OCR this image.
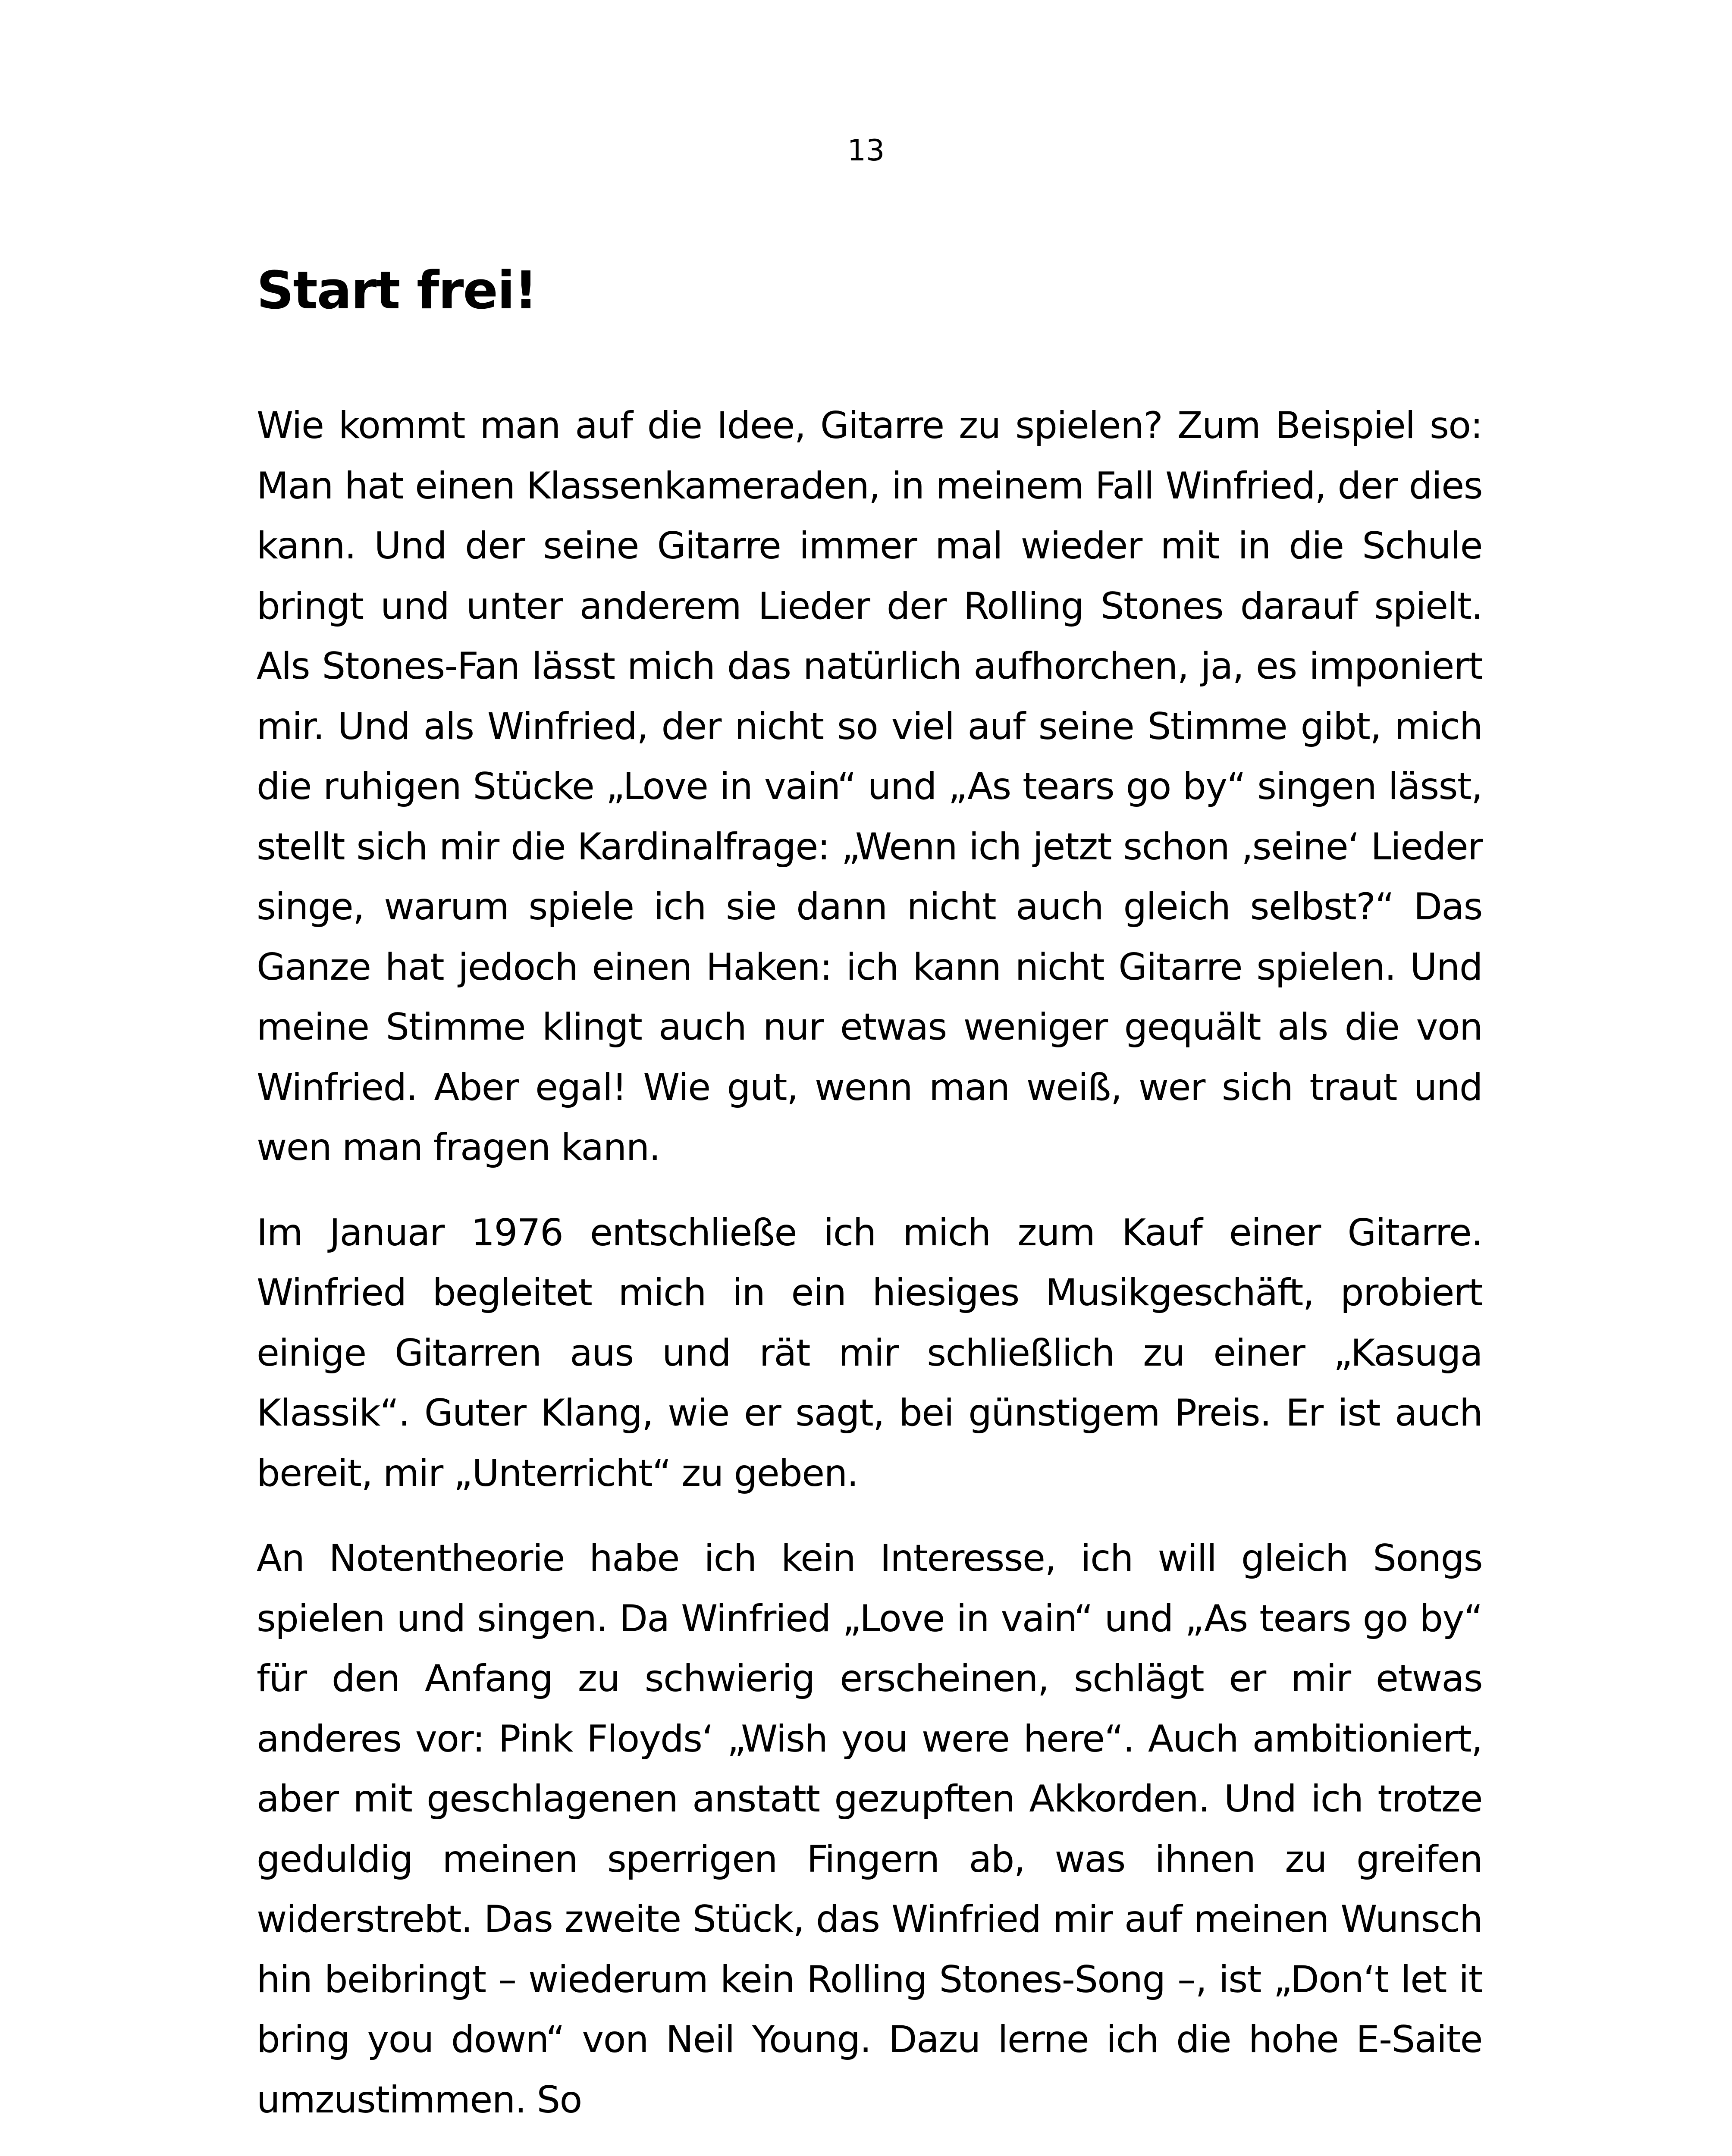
13
Start frei!

Wie kommt man auf die Idee, Gitarre zu spielen? Zum Beispiel so: Man hat einen Klassenkameraden, in meinem Fall Winfried, der dies kann. Und der seine Gitarre immer mal wieder mit in die Schule bringt und unter anderem Lieder der Rolling Stones darauf spielt. Als Stones-Fan lässt mich das natürlich aufhorchen, ja, es imponiert mir. Und als Winfried, der nicht so viel auf seine Stimme gibt, mich die ruhigen Stücke „Love in vain“ und „As tears go by“ singen lässt, stellt sich mir die Kardinalfrage: „Wenn ich jetzt schon ‚seine‘ Lieder singe, warum spiele ich sie dann nicht auch gleich selbst?“ Das Ganze hat jedoch einen Haken: ich kann nicht Gitarre spielen. Und meine Stimme klingt auch nur etwas weniger gequält als die von Winfried. Aber egal! Wie gut, wenn man weiß, wer sich traut und wen man fragen kann.

Im Januar 1976 entschließe ich mich zum Kauf einer Gitarre. Winfried begleitet mich in ein hiesiges Musikgeschäft, probiert einige Gitarren aus und rät mir schließlich zu einer „Kasuga Klassik“. Guter Klang, wie er sagt, bei günstigem Preis. Er ist auch bereit, mir „Unterricht“ zu geben.

An Notentheorie habe ich kein Interesse, ich will gleich Songs spielen und singen. Da Winfried „Love in vain“ und „As tears go by“ für den Anfang zu schwierig erscheinen, schlägt er mir etwas anderes vor: Pink Floyds‘ „Wish you were here“. Auch ambitioniert, aber mit geschlagenen anstatt gezupften Akkorden. Und ich trotze geduldig meinen sperrigen Fingern ab, was ihnen zu greifen widerstrebt. Das zweite Stück, das Winfried mir auf meinen Wunsch hin beibringt – wiederum kein Rolling Stones-Song –, ist „Don‘t let it bring you down“ von Neil Young. Dazu lerne ich die hohe E-Saite umzustimmen. So
